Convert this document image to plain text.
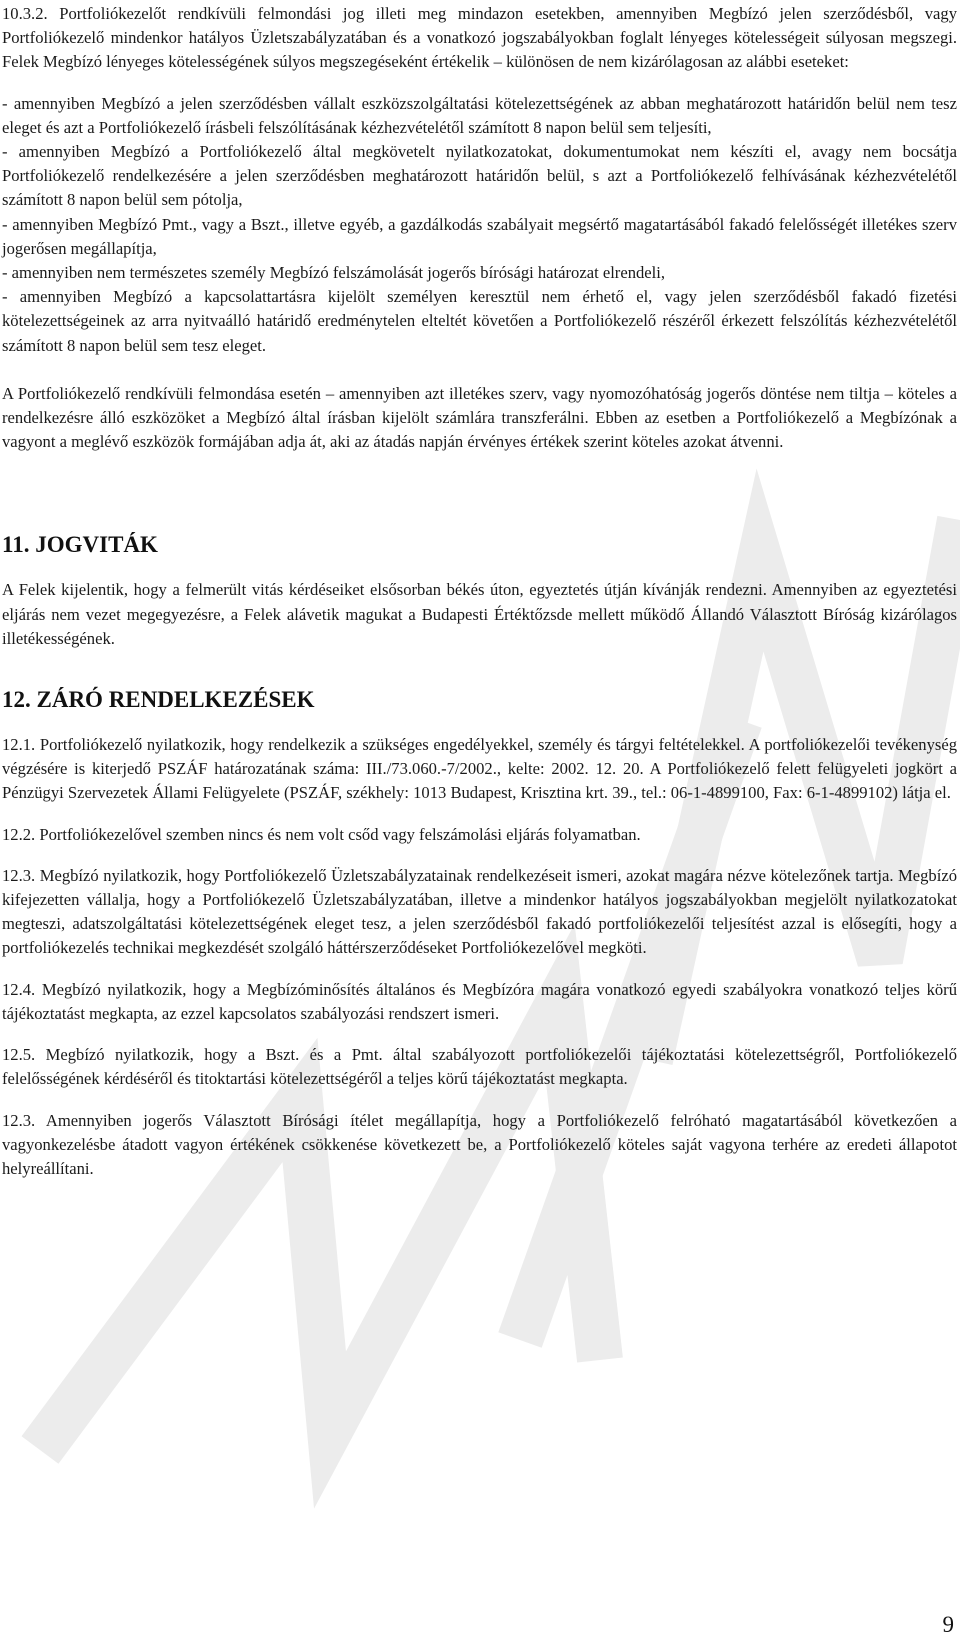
MINTA

10.3.2. Portfoliókezelőt rendkívüli felmondási jog illeti meg mindazon esetekben, amennyiben Megbízó jelen szerződésből, vagy Portfoliókezelő mindenkor hatályos Üzletszabályzatában és a vonatkozó jogszabályokban foglalt lényeges kötelességeit súlyosan megszegi. Felek Megbízó lényeges kötelességének súlyos megszegéseként értékelik – különösen de nem kizárólagosan az alábbi eseteket:

- amennyiben Megbízó a jelen szerződésben vállalt eszközszolgáltatási kötelezettségének az abban meghatározott határidőn belül nem tesz eleget és azt a Portfoliókezelő írásbeli felszólításának kézhezvételétől számított 8 napon belül sem teljesíti,

- amennyiben Megbízó a Portfoliókezelő által megkövetelt nyilatkozatokat, dokumentumokat nem készíti el, avagy nem bocsátja Portfoliókezelő rendelkezésére a jelen szerződésben meghatározott határidőn belül, s azt a Portfoliókezelő felhívásának kézhezvételétől számított 8 napon belül sem pótolja,

- amennyiben Megbízó Pmt., vagy a Bszt., illetve egyéb, a gazdálkodás szabályait megsértő magatartásából fakadó felelősségét illetékes szerv jogerősen megállapítja,

- amennyiben nem természetes személy Megbízó felszámolását jogerős bírósági határozat elrendeli,

- amennyiben Megbízó a kapcsolattartásra kijelölt személyen keresztül nem érhető el, vagy jelen szerződésből fakadó fizetési kötelezettségeinek az arra nyitvaálló határidő eredménytelen elteltét követően a Portfoliókezelő részéről érkezett felszólítás kézhezvételétől számított 8 napon belül sem tesz eleget.

A Portfoliókezelő rendkívüli felmondása esetén – amennyiben azt illetékes szerv, vagy nyomozóhatóság jogerős döntése nem tiltja – köteles a rendelkezésre álló eszközöket a Megbízó által írásban kijelölt számlára transzferálni. Ebben az esetben a Portfoliókezelő a Megbízónak a vagyont a meglévő eszközök formájában adja át, aki az átadás napján érvényes értékek szerint köteles azokat átvenni.

11. JOGVITÁK

A Felek kijelentik, hogy a felmerült vitás kérdéseiket elsősorban békés úton, egyeztetés útján kívánják rendezni. Amennyiben az egyeztetési eljárás nem vezet megegyezésre, a Felek alávetik magukat a Budapesti Értéktőzsde mellett működő Állandó Választott Bíróság kizárólagos illetékességének.

12. ZÁRÓ RENDELKEZÉSEK

12.1. Portfoliókezelő nyilatkozik, hogy rendelkezik a szükséges engedélyekkel, személy és tárgyi feltételekkel. A portfoliókezelői tevékenység végzésére is kiterjedő PSZÁF határozatának száma: III./73.060.-7/2002., kelte: 2002. 12. 20. A Portfoliókezelő felett felügyeleti jogkört a Pénzügyi Szervezetek Állami Felügyelete (PSZÁF, székhely: 1013 Budapest, Krisztina krt. 39., tel.: 06-1-4899100, Fax: 6-1-4899102) látja el.

12.2. Portfoliókezelővel szemben nincs és nem volt csőd vagy felszámolási eljárás folyamatban.

12.3. Megbízó nyilatkozik, hogy Portfoliókezelő Üzletszabályzatainak rendelkezéseit ismeri, azokat magára nézve kötelezőnek tartja. Megbízó kifejezetten vállalja, hogy a Portfoliókezelő Üzletszabályzatában, illetve a mindenkor hatályos jogszabályokban megjelölt nyilatkozatokat megteszi, adatszolgáltatási kötelezettségének eleget tesz, a jelen szerződésből fakadó portfoliókezelői teljesítést azzal is elősegíti, hogy a portfoliókezelés technikai megkezdését szolgáló háttérszerződéseket Portfoliókezelővel megköti.

12.4. Megbízó nyilatkozik, hogy a Megbízóminősítés általános és Megbízóra magára vonatkozó egyedi szabályokra vonatkozó teljes körű tájékoztatást megkapta, az ezzel kapcsolatos szabályozási rendszert ismeri.

12.5. Megbízó nyilatkozik, hogy a Bszt. és a Pmt. által szabályozott portfoliókezelői tájékoztatási kötelezettségről, Portfoliókezelő felelősségének kérdéséről és titoktartási kötelezettségéről a teljes körű tájékoztatást megkapta.

12.3. Amennyiben jogerős Választott Bírósági ítélet megállapítja, hogy a Portfoliókezelő felróható magatartásából következően a vagyonkezelésbe átadott vagyon értékének csökkenése következett be, a Portfoliókezelő köteles saját vagyona terhére az eredeti állapotot helyreállítani.

9
